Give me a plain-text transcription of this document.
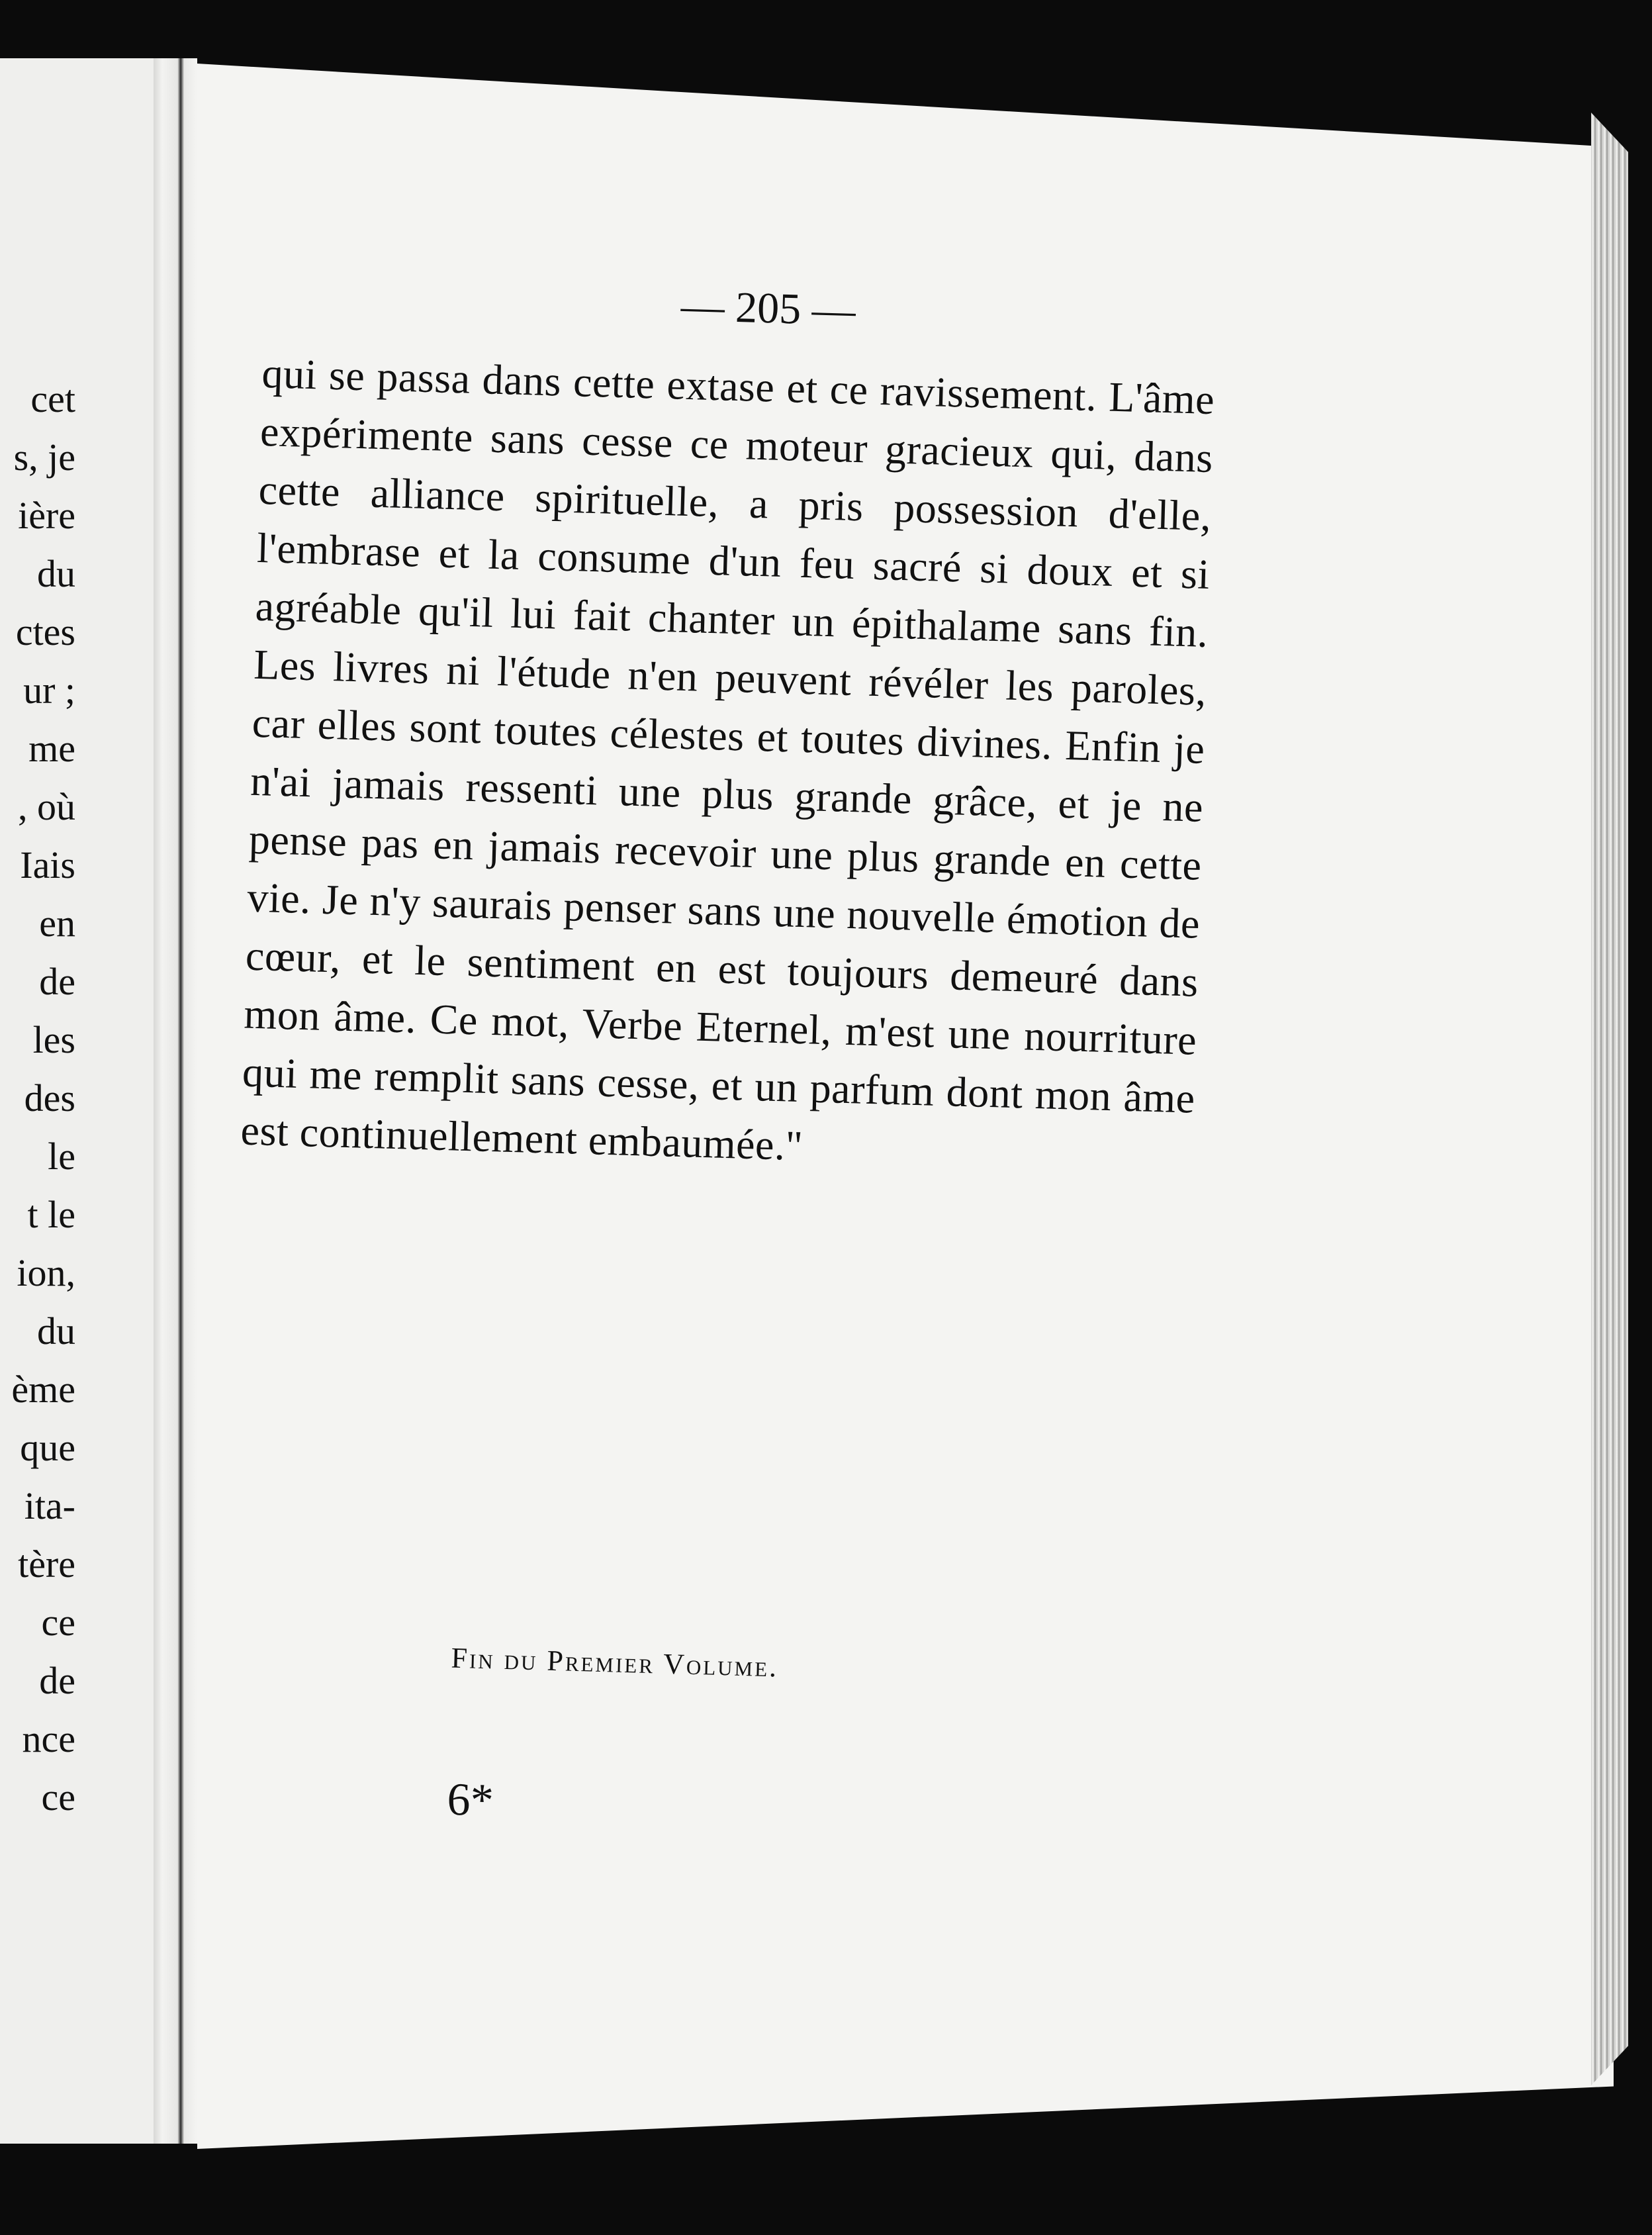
cet
s, je
ière
du
ctes
ur ;
me
, où
Iais
en
de
les
des
le
t le
ion,
du
ème
que
ita-
tère
ce
de
nce
ce
— 205 —
qui se passa dans cette extase et ce ravissement. L'âme expérimente sans cesse ce moteur gracieux qui, dans cette alliance spirituelle, a pris possession d'elle, l'embrase et la consume d'un feu sacré si doux et si agréable qu'il lui fait chanter un épithalame sans fin. Les livres ni l'étude n'en peuvent révéler les paroles, car elles sont toutes célestes et toutes divines. Enfin je n'ai jamais ressenti une plus grande grâce, et je ne pense pas en jamais recevoir une plus grande en cette vie. Je n'y saurais penser sans une nouvelle émotion de cœur, et le sentiment en est toujours demeuré dans mon âme. Ce mot, Verbe Eternel, m'est une nourriture qui me remplit sans cesse, et un parfum dont mon âme est continuellement embaumée."
Fin du Premier Volume.
6*
